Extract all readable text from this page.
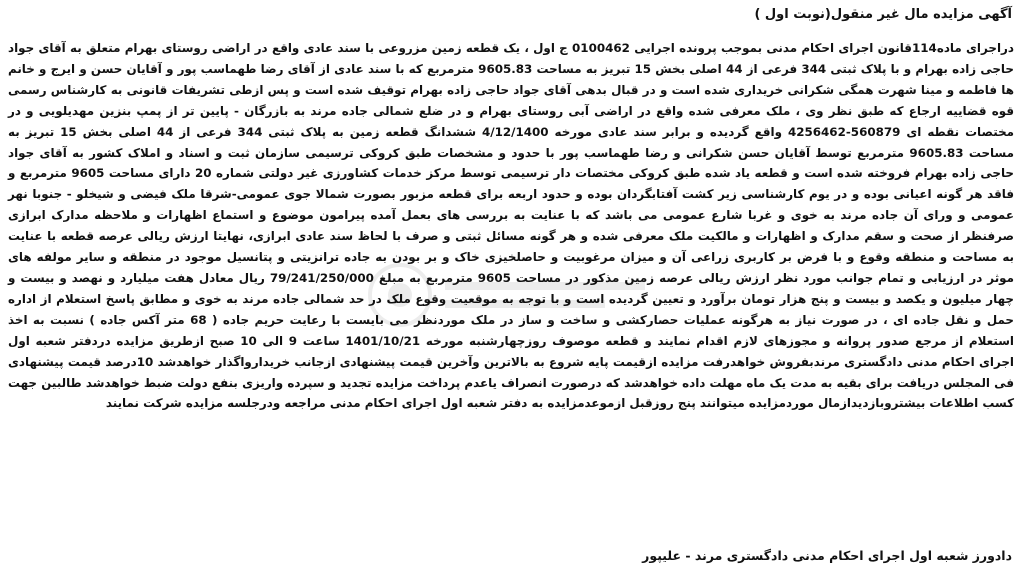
آگهی مزایده مال غیر منقول(نوبت اول )

دراجرای ماده114قانون اجرای احکام مدنی بموجب پرونده اجرایی 0100462 ج اول ، یک قطعه زمین مزروعی با سند عادی واقع در اراضی روستای بهرام متعلق به آقای جواد حاجی زاده بهرام و با پلاک ثبتی 344 فرعی از 44 اصلی بخش 15 تبریز به مساحت 9605.83 مترمربع که با سند عادی از آقای رضا طهماسب پور و آقایان حسن و ایرج و خانم ها فاطمه و مینا شهرت همگی شکرانی خریداری شده است و در قبال بدهی آقای جواد حاجی زاده بهرام توقیف شده است و پس ازطی تشریفات قانونی به کارشناس رسمی قوه قضاییه ارجاع که طبق نظر وی ، ملک معرفی شده واقع در اراضی آبی روستای بهرام و در ضلع شمالی جاده مرند به بازرگان - پایین تر از پمپ بنزین مهدیلویی و در مختصات نقطه ای 560879-4256462 واقع گردیده و برابر سند عادی مورخه 4/12/1400 ششدانگ قطعه زمین به پلاک ثبتی 344 فرعی از 44 اصلی بخش 15 تبریز به مساحت 9605.83 مترمربع توسط آقایان حسن شکرانی و رضا طهماسب پور با حدود و مشخصات طبق کروکی ترسیمی سازمان ثبت و اسناد و املاک کشور به آقای جواد حاجی زاده بهرام فروخته شده است و قطعه یاد شده طبق کروکی مختصات دار ترسیمی توسط مرکز خدمات کشاورزی غیر دولتی شماره 20 دارای مساحت 9605 مترمربع و فاقد هر گونه اعیانی بوده و در یوم کارشناسی زیر کشت آفتابگردان بوده و حدود اربعه برای قطعه مزبور بصورت شمالا جوی عمومی-شرقا ملک فیضی و شیخلو - جنوبا نهر عمومی و ورای آن جاده مرند به خوی و غربا شارع عمومی می باشد که با عنایت به بررسی های بعمل آمده پیرامون موضوع و استماع اظهارات و ملاحظه مدارک ابرازی صرفنظر از صحت و سقم مدارک و اظهارات و مالکیت ملک معرفی شده و هر گونه مسائل ثبتی و صرف با لحاظ سند عادی ابرازی، نهایتا ارزش ریالی عرصه قطعه با عنایت به مساحت و منطقه وقوع و با فرض بر کاربری زراعی آن و میزان مرغوبیت و حاصلخیزی خاک و بر بودن به جاده ترانزیتی و پتانسیل موجود در منطقه و سایر مولفه های موثر در ارزیابی و تمام جوانب مورد نظر ارزش ریالی عرصه زمین مذکور در مساحت 9605 مترمربع به مبلغ 79/241/250/000 ریال معادل هفت میلیارد و نهصد و بیست و چهار میلیون و یکصد و بیست و پنج هزار تومان برآورد و تعیین گردیده است و با توجه به موقعیت وقوع ملک در حد شمالی جاده مرند به خوی و مطابق پاسخ استعلام از اداره حمل و نقل جاده ای ، در صورت نیاز به هرگونه عملیات حصارکشی و ساخت و ساز در ملک موردنظر می بایست با رعایت حریم جاده ( 68 متر آکس جاده ) نسبت به اخذ استعلام از مرجع صدور پروانه و مجوزهای لازم اقدام نمایند و قطعه موصوف روزچهارشنبه مورخه 1401/10/21 ساعت 9 الی 10 صبح ازطریق مزایده دردفتر شعبه اول اجرای احکام مدنی دادگستری مرندبفروش خواهدرفت مزایده ازقیمت پایه شروع به بالاترین وآخرین قیمت پیشنهادی ازجانب خریدارواگذار خواهدشد 10درصد قیمت پیشنهادی فی المجلس دریافت برای بقیه به مدت یک ماه مهلت داده خواهدشد که درصورت انصراف یاعدم پرداخت مزایده تجدید و سپرده واریزی بنفع دولت ضبط خواهدشد طالبین جهت کسب اطلاعات بیشتروبازدیدازمال موردمزایده میتوانند پنج روزقبل ازموعدمزایده به دفتر شعبه اول اجرای احکام مدنی مراجعه ودرجلسه مزایده شرکت نمایند

دادورز شعبه اول اجرای احکام مدنی دادگستری مرند - علیپور
